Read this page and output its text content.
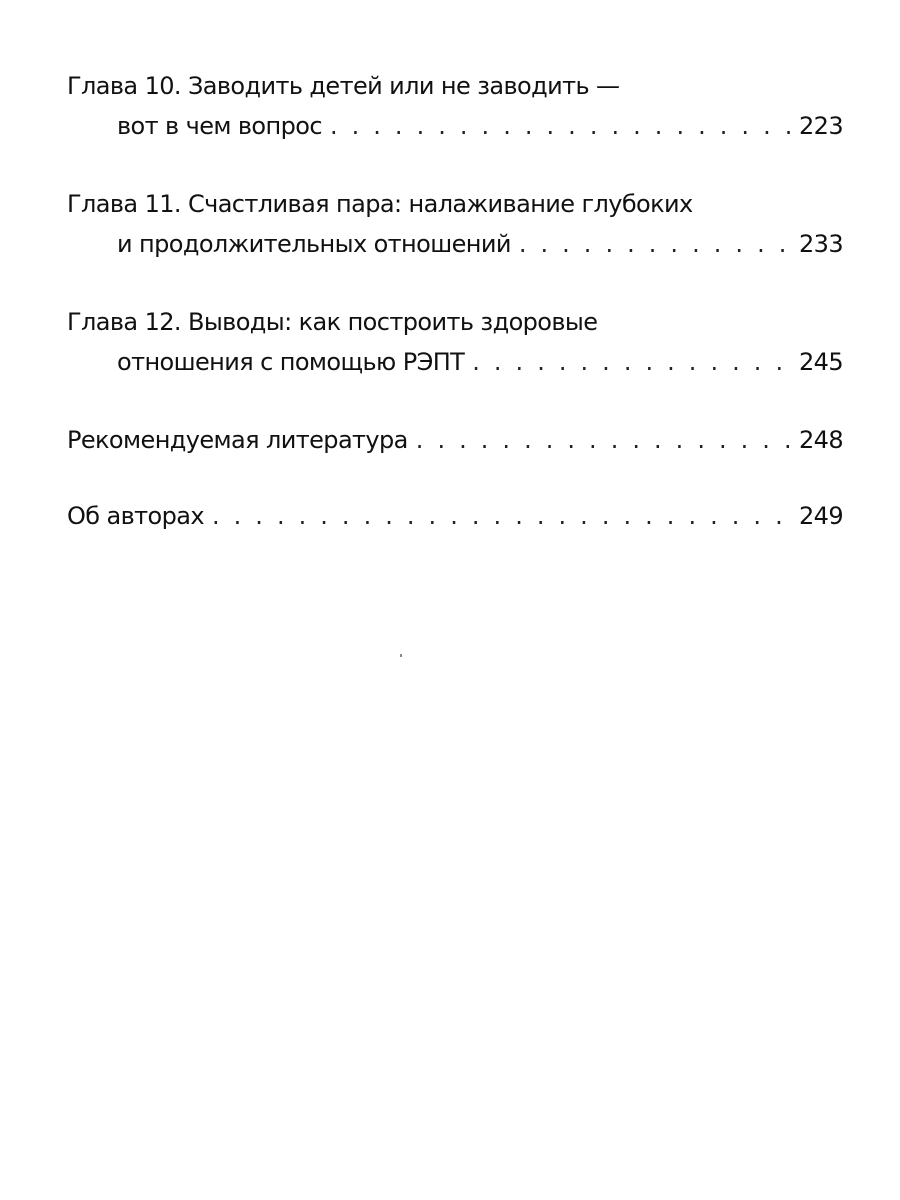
Глава 10. Заводить детей или не заводить —
вот в чем вопрос . . .	223
Глава 11. Счастливая пара: налаживание глубоких
и продолжительных отношений . . .	233
Глава 12. Выводы: как построить здоровые
отношения с помощью РЭПТ . . .	245
Рекомендуемая литература . . .	248
Об авторах . . .	249
